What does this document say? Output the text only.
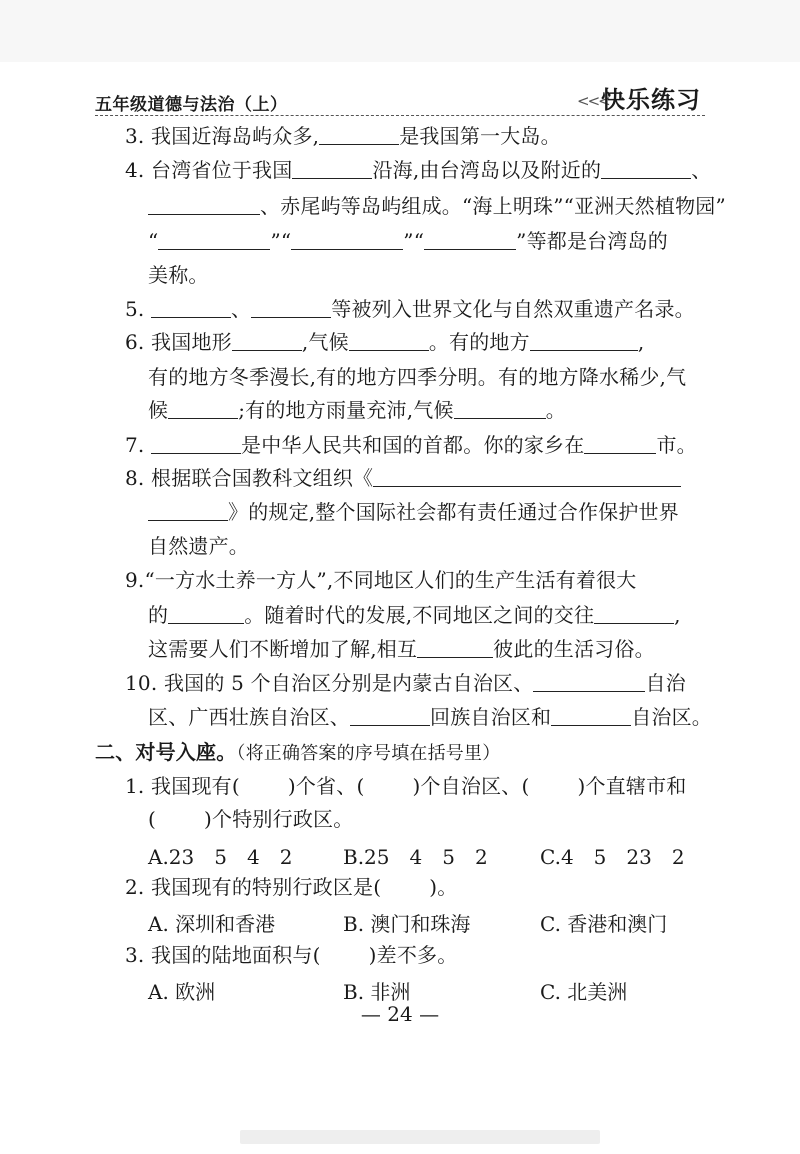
五年级道德与法治（上）	<<<
快乐练习
3. 我国近海岛屿众多,	是我国第一大岛。
4. 台湾省位于我国	沿海,由台湾岛以及附近的	、
、赤尾屿等岛屿组成。“海上明珠”“亚洲天然植物园”
“	”“	”“	”等都是台湾岛的
美称。
5.	、	等被列入世界文化与自然双重遗产名录。
6. 我国地形	,气候	。有的地方	,
有的地方冬季漫长,有的地方四季分明。有的地方降水稀少,气
候	;有的地方雨量充沛,气候	。
7.	是中华人民共和国的首都。你的家乡在	市。
8. 根据联合国教科文组织《
》的规定,整个国际社会都有责任通过合作保护世界
自然遗产。
9.“一方水土养一方人”,不同地区人们的生产生活有着很大
的	。随着时代的发展,不同地区之间的交往	,
这需要人们不断增加了解,相互	彼此的生活习俗。
10. 我国的 5 个自治区分别是内蒙古自治区、	自治
区、广西壮族自治区、	回族自治区和	自治区。
二、对号入座。（将正确答案的序号填在括号里）
1. 我国现有( )个省、( )个自治区、( )个直辖市和
( )个特别行政区。
A.23　5　4　2	B.25　4　5　2	C.4　5　23　2
2. 我国现有的特别行政区是( )。
A. 深圳和香港	B. 澳门和珠海	C. 香港和澳门
3. 我国的陆地面积与( )差不多。
A. 欧洲	B. 非洲	C. 北美洲
— 24 —
